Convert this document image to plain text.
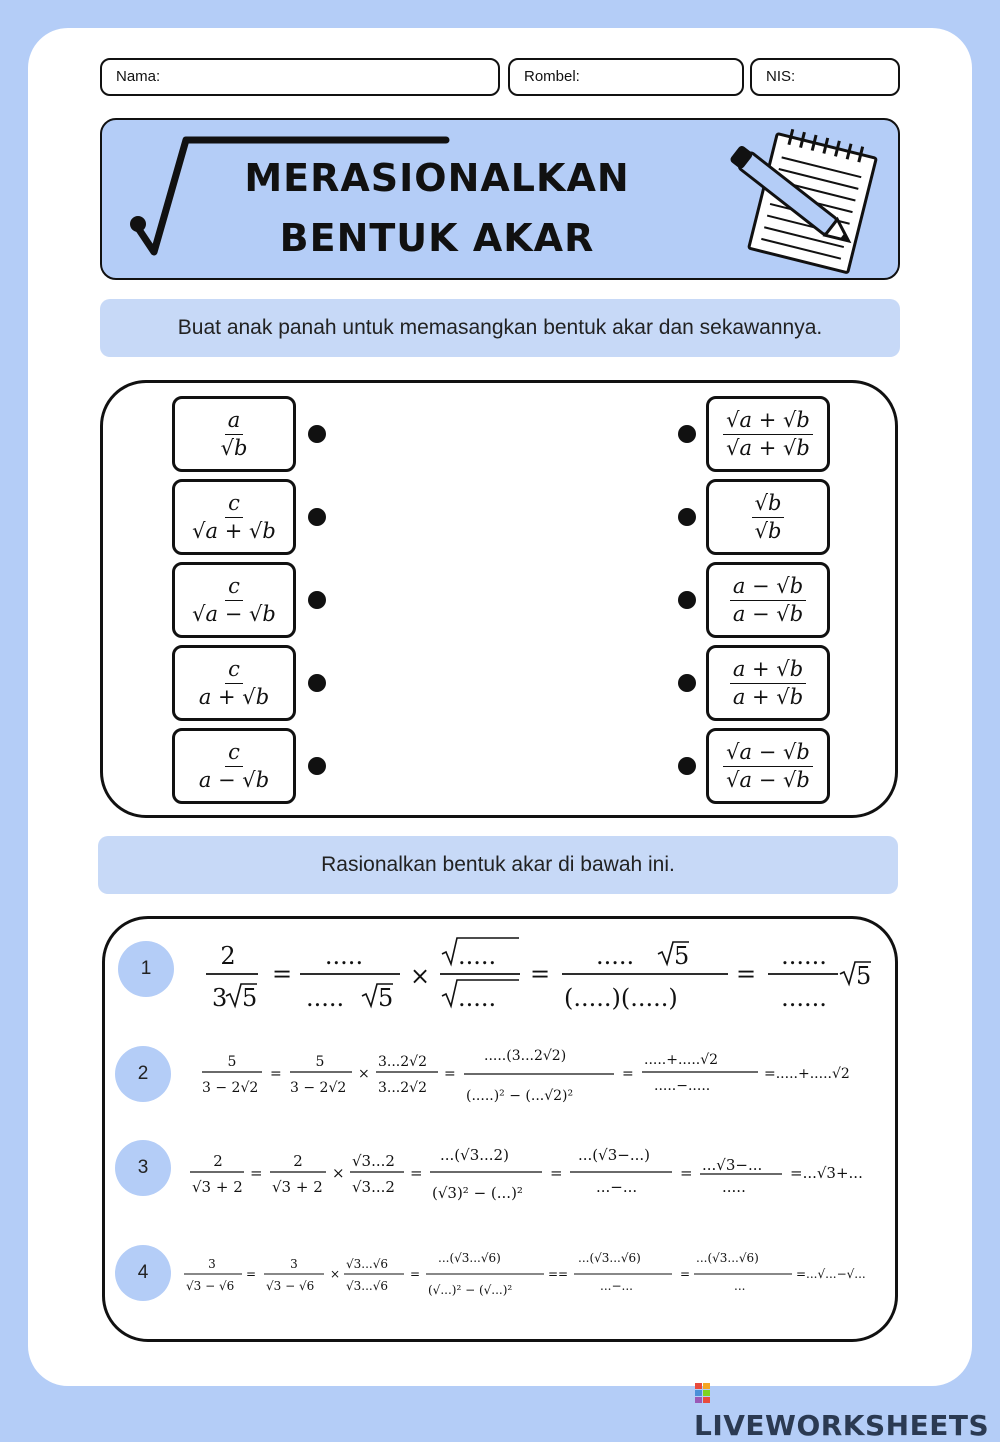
Nama:	Rombel:	NIS:
MERASIONALKAN
BENTUK AKAR
Buat anak panah untuk memasangkan bentuk akar dan sekawannya.
$\frac{a}{√b}$
$\frac{c}{√a + √b}$
$\frac{c}{√a - √b}$
$\frac{c}{a + √b}$
$\frac{c}{a - √b}$
$\frac{√a + √b}{√a + √b}$
$\frac{√b}{√b}$
$\frac{a - √b}{a - √b}$
$\frac{a + √b}{a + √b}$
$\frac{√a - √b}{√a - √b}$
Rasionalkan bentuk akar di bawah ini.
1
2
3
4
2
3 5
=
.....
..... 5
×
.....
.....
=
..... 5
(.....)(.....)
=
......
......
5
5
3 − 2√2
=
5
3 − 2√2
×
3...2√2
3...2√2
=
.....(3...2√2)
(.....)² − (...√2)²
=
.....+.....√2
.....−.....
=.....+.....√2
2
√3 + 2
=
2
√3 + 2
×
√3...2
√3...2
=
...(√3...2)
(√3)² − (...)²
=
...(√3−...)
...−...
= ...√3−...
.....
=...√3+...
3
√3 − √6
=
3
√3 − √6
×
√3...√6
√3...√6
=
...(√3...√6)
(√...)² − (√...)²
==
...(√3...√6)
...−...
=
...(√3...√6)
...
=...√...−√...
LIVEWORKSHEETS
